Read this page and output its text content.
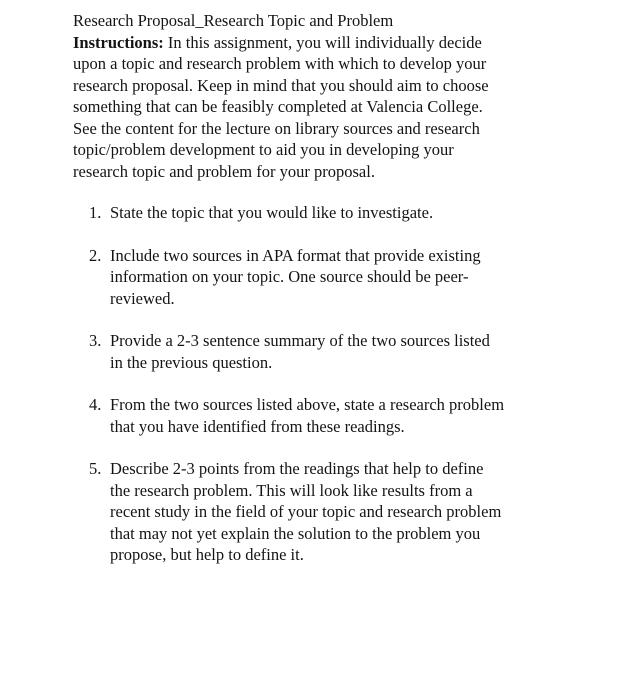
Research Proposal_Research Topic and Problem
Instructions: In this assignment, you will individually decide
upon a topic and research problem with which to develop your
research proposal. Keep in mind that you should aim to choose
something that can be feasibly completed at Valencia College.
See the content for the lecture on library sources and research
topic/problem development to aid you in developing your
research topic and problem for your proposal.
1. State the topic that you would like to investigate.
2. Include two sources in APA format that provide existing
information on your topic. One source should be peer-
reviewed.
3. Provide a 2-3 sentence summary of the two sources listed
in the previous question.
4. From the two sources listed above, state a research problem
that you have identified from these readings.
5. Describe 2-3 points from the readings that help to define
the research problem. This will look like results from a
recent study in the field of your topic and research problem
that may not yet explain the solution to the problem you
propose, but help to define it.
